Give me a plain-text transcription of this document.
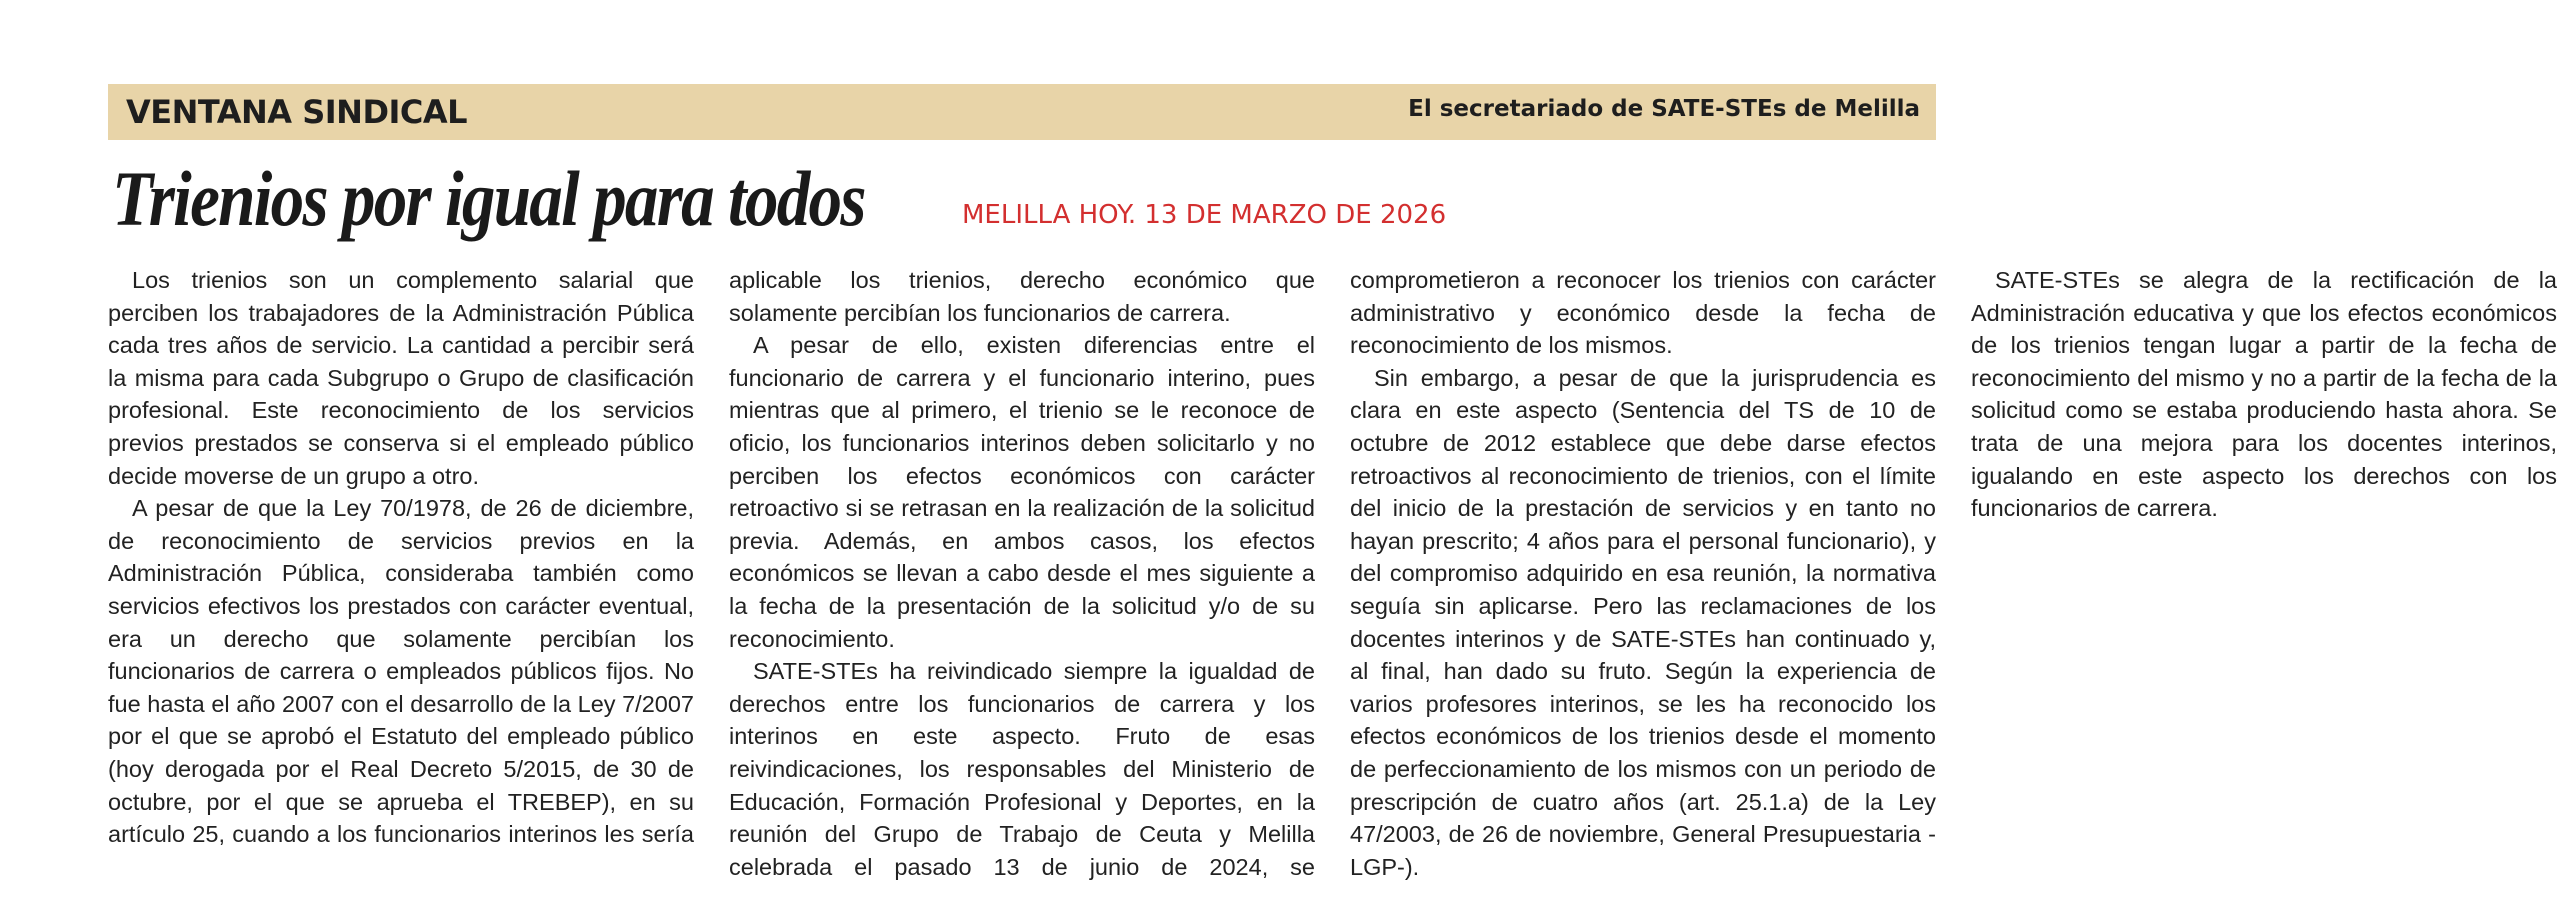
VENTANA SINDICAL	El secretariado de SATE-STEs de Melilla
Trienios por igual para todos	MELILLA HOY. 13 DE MARZO DE 2026

Los trienios son un complemento salarial que perciben los trabajadores de la Administración Pública cada tres años de servicio. La cantidad a percibir será la misma para cada Subgrupo o Grupo de clasificación profesional. Este reconocimiento de los servicios previos prestados se conserva si el empleado público decide moverse de un grupo a otro.

A pesar de que la Ley 70/1978, de 26 de diciembre, de reconocimiento de servicios previos en la Administración Pública, consideraba también como servicios efectivos los prestados con carácter eventual, era un derecho que solamente percibían los funcionarios de carrera o empleados públicos fijos. No fue hasta el año 2007 con el desarrollo de la Ley 7/2007 por el que se aprobó el Estatuto del empleado público (hoy derogada por el Real Decreto 5/2015, de 30 de octubre, por el que se aprueba el TREBEP), en su artículo 25, cuando a los funcionarios interinos les sería aplicable los trienios, derecho económico que solamente percibían los funcionarios de carrera.

A pesar de ello, existen diferencias entre el funcionario de carrera y el funcionario interino, pues mientras que al primero, el trienio se le reconoce de oficio, los funcionarios interinos deben solicitarlo y no perciben los efectos económicos con carácter retroactivo si se retrasan en la realización de la solicitud previa. Además, en ambos casos, los efectos económicos se llevan a cabo desde el mes siguiente a la fecha de la presentación de la solicitud y/o de su reconocimiento.

SATE-STEs ha reivindicado siempre la igualdad de derechos entre los funcionarios de carrera y los interinos en este aspecto. Fruto de esas reivindicaciones, los responsables del Ministerio de Educación, Formación Profesional y Deportes, en la reunión del Grupo de Trabajo de Ceuta y Melilla celebrada el pasado 13 de junio de 2024, se comprometieron a reconocer los trienios con carácter administrativo y económico desde la fecha de reconocimiento de los mismos.

Sin embargo, a pesar de que la jurisprudencia es clara en este aspecto (Sentencia del TS de 10 de octubre de 2012 establece que debe darse efectos retroactivos al reconocimiento de trienios, con el límite del inicio de la prestación de servicios y en tanto no hayan prescrito; 4 años para el personal funcionario), y del compromiso adquirido en esa reunión, la normativa seguía sin aplicarse. Pero las reclamaciones de los docentes interinos y de SATE-STEs han continuado y, al final, han dado su fruto. Según la experiencia de varios profesores interinos, se les ha reconocido los efectos económicos de los trienios desde el momento de perfeccionamiento de los mismos con un periodo de prescripción de cuatro años (art. 25.1.a) de la Ley 47/2003, de 26 de noviembre, General Presupuestaria -LGP-).

SATE-STEs se alegra de la rectificación de la Administración educativa y que los efectos económicos de los trienios tengan lugar a partir de la fecha de reconocimiento del mismo y no a partir de la fecha de la solicitud como se estaba produciendo hasta ahora. Se trata de una mejora para los docentes interinos, igualando en este aspecto los derechos con los funcionarios de carrera.
